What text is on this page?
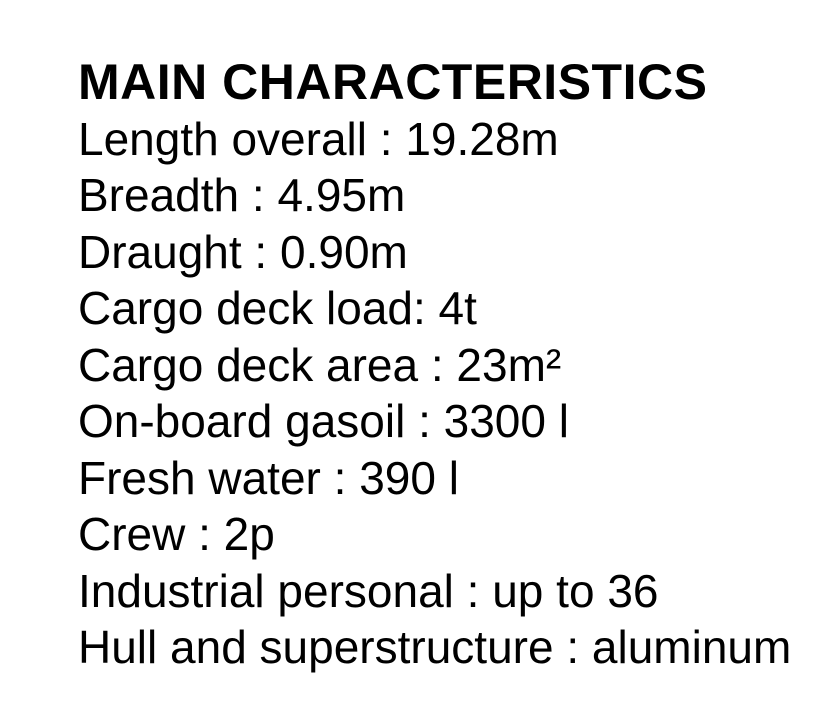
MAIN CHARACTERISTICS
Length overall : 19.28m
Breadth : 4.95m
Draught : 0.90m
Cargo deck load: 4t
Cargo deck area : 23m²
On-board gasoil : 3300 l
Fresh water : 390 l
Crew : 2p
Industrial personal : up to 36
Hull and superstructure : aluminum
